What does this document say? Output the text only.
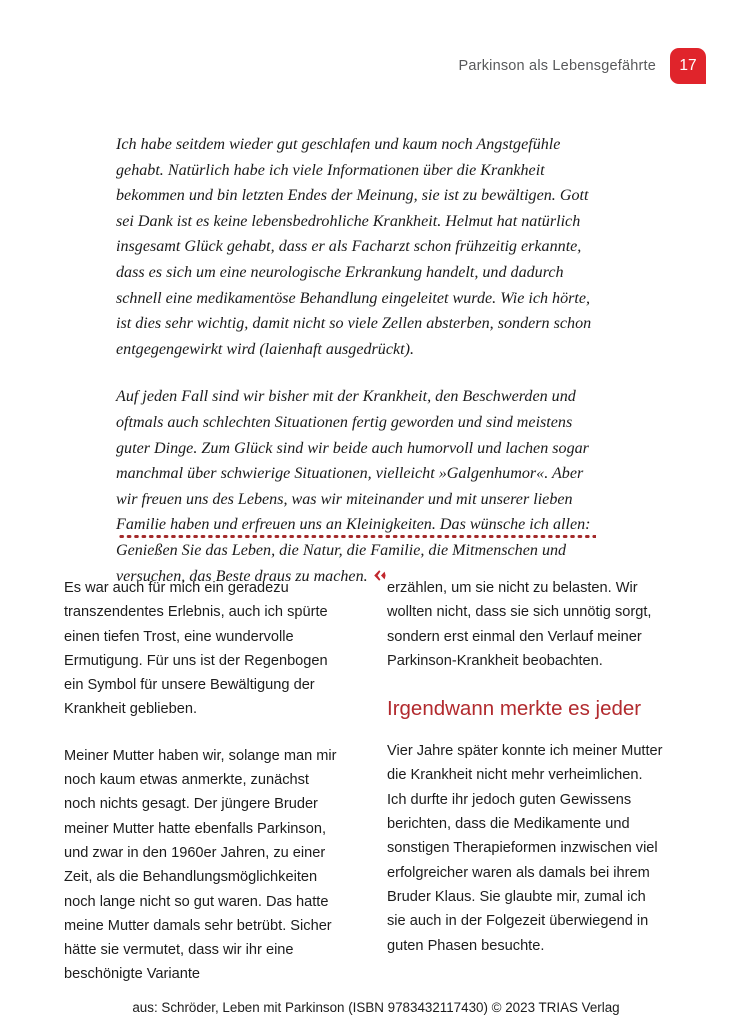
Parkinson als Lebensgefährte	17

Ich habe seitdem wieder gut geschlafen und kaum noch Angstgefühle gehabt. Natürlich habe ich viele Informationen über die Krankheit bekommen und bin letzten Endes der Meinung, sie ist zu bewältigen. Gott sei Dank ist es keine lebensbedrohliche Krankheit. Helmut hat natürlich insgesamt Glück gehabt, dass er als Facharzt schon frühzeitig erkannte, dass es sich um eine neurologische Erkrankung handelt, und dadurch schnell eine medikamentöse Behandlung eingeleitet wurde. Wie ich hörte, ist dies sehr wichtig, damit nicht so viele Zellen absterben, sondern schon entgegengewirkt wird (laienhaft ausgedrückt).

Auf jeden Fall sind wir bisher mit der Krankheit, den Beschwerden und oftmals auch schlechten Situationen fertig geworden und sind meistens guter Dinge. Zum Glück sind wir beide auch humorvoll und lachen sogar manchmal über schwierige Situationen, vielleicht »Galgenhumor«. Aber wir freuen uns des Lebens, was wir miteinander und mit unserer lieben Familie haben und erfreuen uns an Kleinigkeiten. Das wünsche ich allen: Genießen Sie das Leben, die Natur, die Familie, die Mitmenschen und versuchen, das Beste draus zu machen.

Es war auch für mich ein geradezu transzendentes Erlebnis, auch ich spürte einen tiefen Trost, eine wundervolle Ermutigung. Für uns ist der Regenbogen ein Symbol für unsere Bewältigung der Krankheit geblieben.

Meiner Mutter haben wir, solange man mir noch kaum etwas anmerkte, zunächst noch nichts gesagt. Der jüngere Bruder meiner Mutter hatte ebenfalls Parkinson, und zwar in den 1960er Jahren, zu einer Zeit, als die Behandlungsmöglichkeiten noch lange nicht so gut waren. Das hatte meine Mutter damals sehr betrübt. Sicher hätte sie vermutet, dass wir ihr eine beschönigte Variante

erzählen, um sie nicht zu belasten. Wir wollten nicht, dass sie sich unnötig sorgt, sondern erst einmal den Verlauf meiner Parkinson-Krankheit beobachten.

Irgendwann merkte es jeder

Vier Jahre später konnte ich meiner Mutter die Krankheit nicht mehr verheimlichen. Ich durfte ihr jedoch guten Gewissens berichten, dass die Medikamente und sonstigen Therapieformen inzwischen viel erfolgreicher waren als damals bei ihrem Bruder Klaus. Sie glaubte mir, zumal ich sie auch in der Folgezeit überwiegend in guten Phasen besuchte.

aus: Schröder, Leben mit Parkinson (ISBN 9783432117430) © 2023 TRIAS Verlag
